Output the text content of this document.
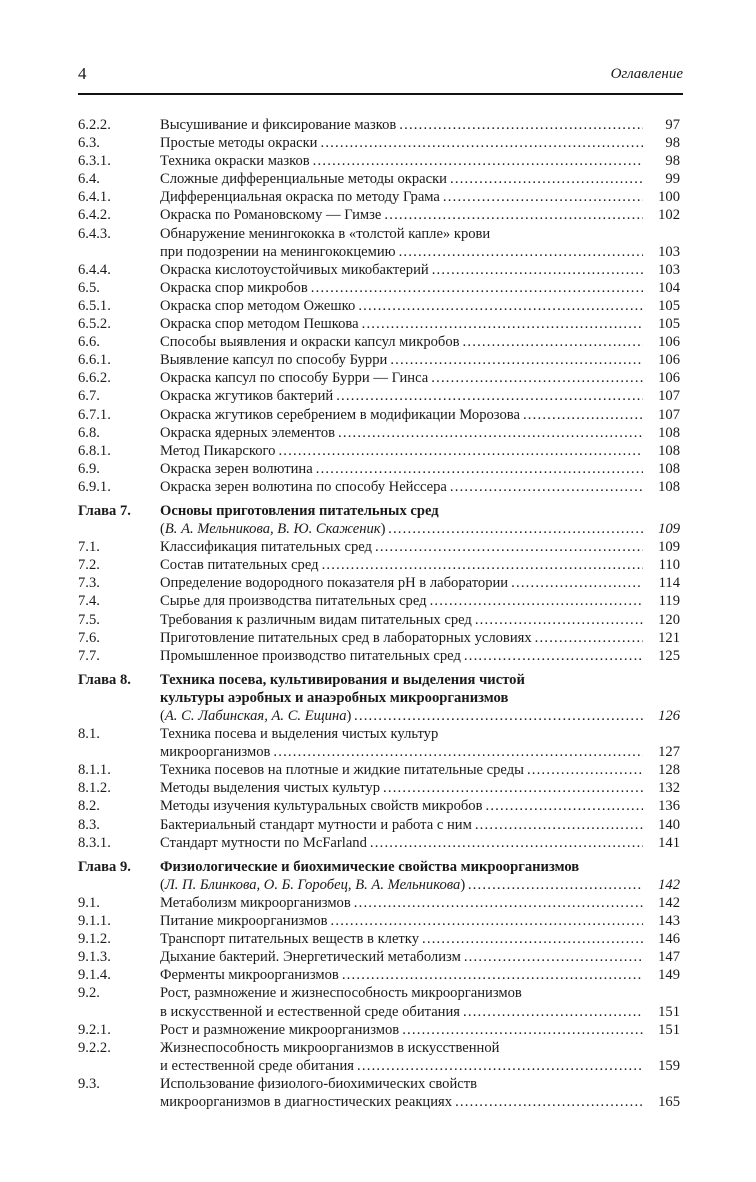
4	Оглавление
6.2.2.	Высушивание и фиксирование мазков .....	97
6.3.	Простые методы окраски .....	98
6.3.1.	Техника окраски мазков .....	98
6.4.	Сложные дифференциальные методы окраски .....	99
6.4.1.	Дифференциальная окраска по методу Грама .....	100
6.4.2.	Окраска по Романовскому — Гимзе .....	102
6.4.3.	Обнаружение менингококка в «толстой капле» крови
при подозрении на менингококцемию .....	103
6.4.4.	Окраска кислотоустойчивых микобактерий .....	103
6.5.	Окраска спор микробов .....	104
6.5.1.	Окраска спор методом Ожешко .....	105
6.5.2.	Окраска спор методом Пешкова .....	105
6.6.	Способы выявления и окраски капсул микробов .....	106
6.6.1.	Выявление капсул по способу Бурри .....	106
6.6.2.	Окраска капсул по способу Бурри — Гинса .....	106
6.7.	Окраска жгутиков бактерий .....	107
6.7.1.	Окраска жгутиков серебрением в модификации Морозова .....	107
6.8.	Окраска ядерных элементов .....	108
6.8.1.	Метод Пикарского .....	108
6.9.	Окраска зерен волютина .....	108
6.9.1.	Окраска зерен волютина по способу Нейссера .....	108
Глава 7.	Основы приготовления питательных сред
(В. А. Мельникова, В. Ю. Скаженик) .....	109
7.1.	Классификация питательных сред .....	109
7.2.	Состав питательных сред .....	110
7.3.	Определение водородного показателя pH в лаборатории .....	114
7.4.	Сырье для производства питательных сред .....	119
7.5.	Требования к различным видам питательных сред .....	120
7.6.	Приготовление питательных сред в лабораторных условиях .....	121
7.7.	Промышленное производство питательных сред .....	125
Глава 8.	Техника посева, культивирования и выделения чистой
культуры аэробных и анаэробных микроорганизмов
(А. С. Лабинская, А. С. Ещина) .....	126
8.1.	Техника посева и выделения чистых культур
микроорганизмов .....	127
8.1.1.	Техника посевов на плотные и жидкие питательные среды .....	128
8.1.2.	Методы выделения чистых культур .....	132
8.2.	Методы изучения культуральных свойств микробов .....	136
8.3.	Бактериальный стандарт мутности и работа с ним .....	140
8.3.1.	Стандарт мутности по McFarland .....	141
Глава 9.	Физиологические и биохимические свойства микроорганизмов
(Л. П. Блинкова, О. Б. Горобец, В. А. Мельникова) .....	142
9.1.	Метаболизм микроорганизмов .....	142
9.1.1.	Питание микроорганизмов .....	143
9.1.2.	Транспорт питательных веществ в клетку .....	146
9.1.3.	Дыхание бактерий. Энергетический метаболизм .....	147
9.1.4.	Ферменты микроорганизмов .....	149
9.2.	Рост, размножение и жизнеспособность микроорганизмов
в искусственной и естественной среде обитания .....	151
9.2.1.	Рост и размножение микроорганизмов .....	151
9.2.2.	Жизнеспособность микроорганизмов в искусственной
и естественной среде обитания .....	159
9.3.	Использование физиолого-биохимических свойств
микроорганизмов в диагностических реакциях .....	165
